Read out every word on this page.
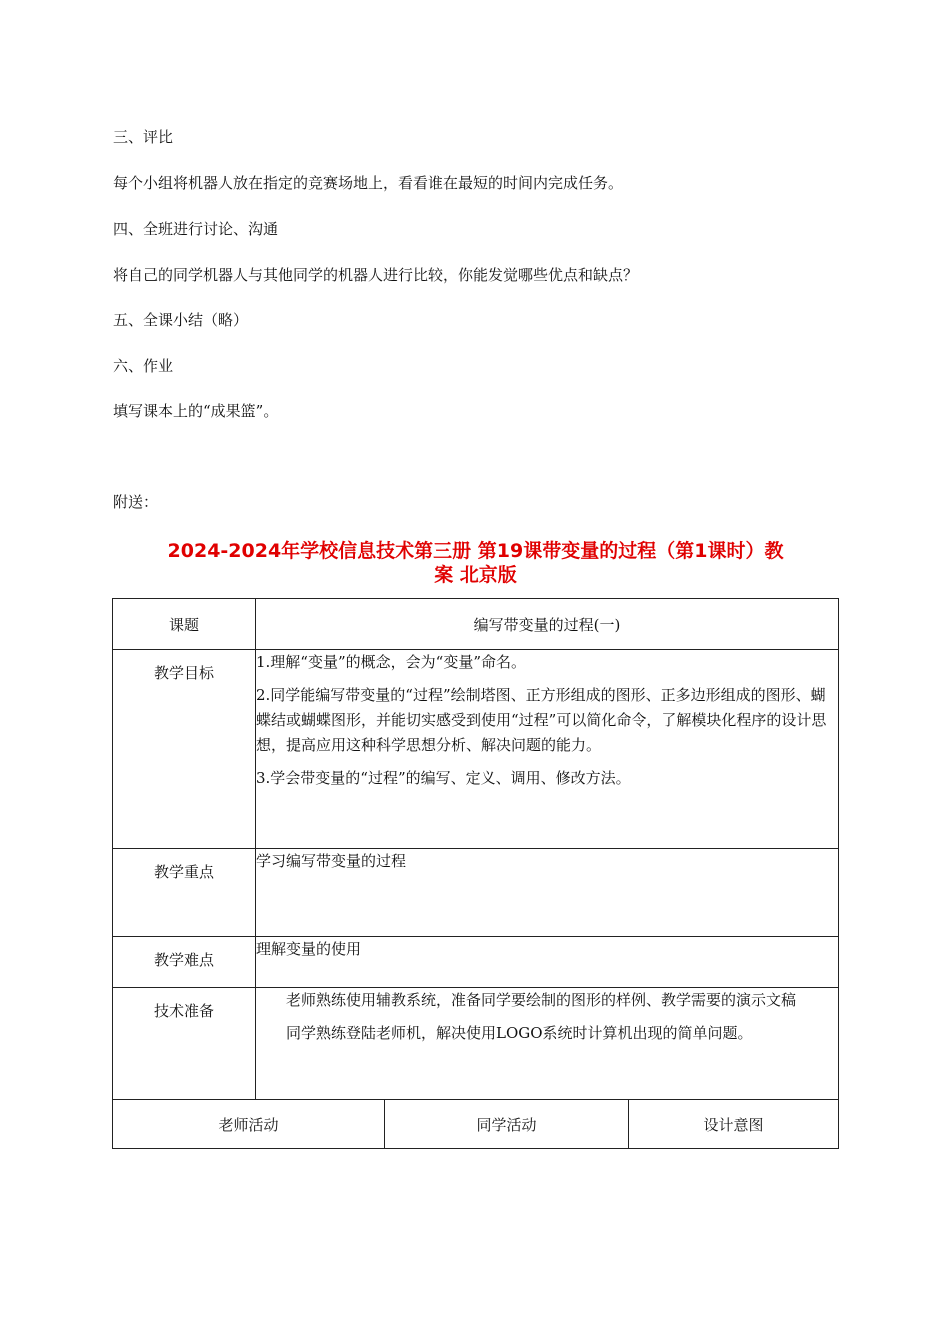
三、评比
每个小组将机器人放在指定的竞赛场地上，看看谁在最短的时间内完成任务。
四、全班进行讨论、沟通
将自己的同学机器人与其他同学的机器人进行比较，你能发觉哪些优点和缺点？
五、全课小结（略）
六、作业
填写课本上的“成果篮”。
附送：
2024-2024年学校信息技术第三册 第19课带变量的过程（第1课时）教
案 北京版
课题	编写带变量的过程(一)		
教学目标	1.理解“变量”的概念，会为“变量”命名。

2.同学能编写带变量的“过程”绘制塔图、正方形组成的图形、正多边形组成的图形、蝴蝶结或蝴蝶图形，并能切实感受到使用“过程”可以简化命令，了解模块化程序的设计思想，提高应用这种科学思想分析、解决问题的能力。

3.学会带变量的“过程”的编写、定义、调用、修改方法。		

教学重点	学习编写带变量的过程		
教学难点	理解变量的使用		
技术准备	老师熟练使用辅教系统，准备同学要绘制的图形的样例、教学需要的演示文稿

同学熟练登陆老师机，解决使用LOGO系统时计算机出现的简单问题。		

老师活动		同学活动	设计意图
